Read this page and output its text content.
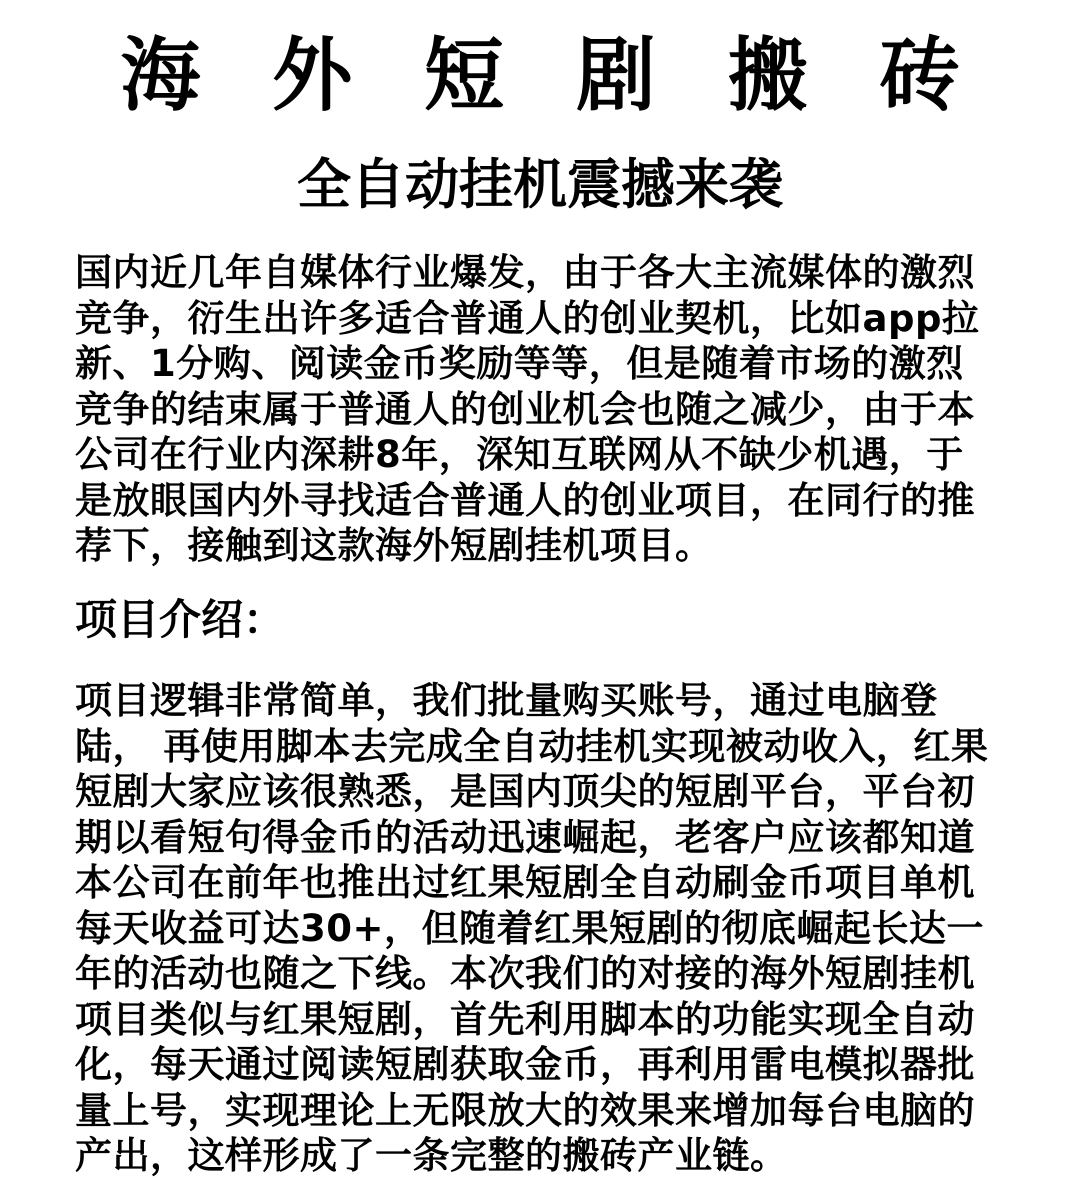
海 外 短 剧 搬 砖
全自动挂机震撼来袭
国内近几年自媒体行业爆发，由于各大主流媒体的激烈
竞争，衍生出许多适合普通人的创业契机，比如app拉
新、1分购、阅读金币奖励等等，但是随着市场的激烈
竞争的结束属于普通人的创业机会也随之减少，由于本
公司在行业内深耕8年，深知互联网从不缺少机遇，于
是放眼国内外寻找适合普通人的创业项目，在同行的推
荐下，接触到这款海外短剧挂机项目。
项目介绍：
项目逻辑非常简单，我们批量购买账号，通过电脑登
陆， 再使用脚本去完成全自动挂机实现被动收入，红果
短剧大家应该很熟悉，是国内顶尖的短剧平台，平台初
期以看短句得金币的活动迅速崛起，老客户应该都知道
本公司在前年也推出过红果短剧全自动刷金币项目单机
每天收益可达30+，但随着红果短剧的彻底崛起长达一
年的活动也随之下线。本次我们的对接的海外短剧挂机
项目类似与红果短剧，首先利用脚本的功能实现全自动
化，每天通过阅读短剧获取金币，再利用雷电模拟器批
量上号，实现理论上无限放大的效果来增加每台电脑的
产出，这样形成了一条完整的搬砖产业链。
